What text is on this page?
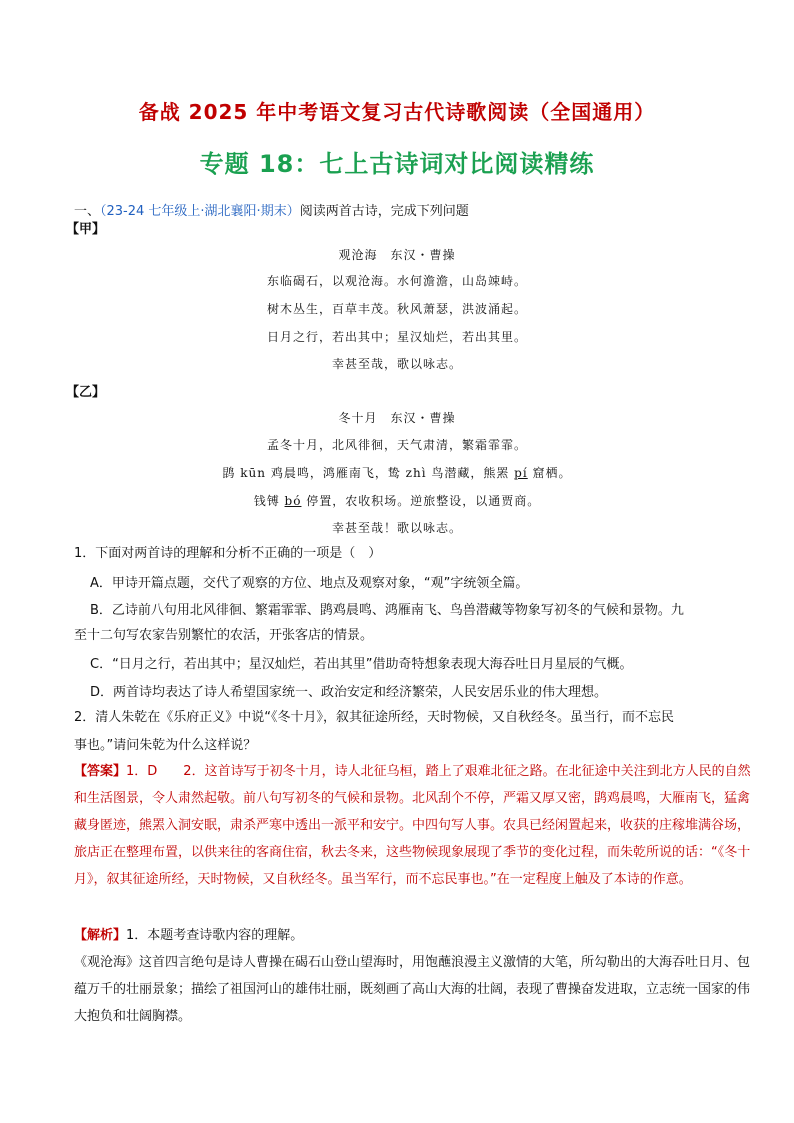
备战 2025 年中考语文复习古代诗歌阅读（全国通用）
专题 18：七上古诗词对比阅读精练
一、（23-24 七年级上·湖北襄阳·期末）阅读两首古诗，完成下列问题
【甲】
观沧海　东汉・曹操
东临碣石，以观沧海。水何澹澹，山岛竦峙。
树木丛生，百草丰茂。秋风萧瑟，洪波涌起。
日月之行，若出其中；星汉灿烂，若出其里。
幸甚至哉，歌以咏志。
【乙】
冬十月　东汉・曹操
孟冬十月，北风徘徊，天气肃清，繁霜霏霏。
鹍 kūn 鸡晨鸣，鸿雁南飞，鸷 zhì 鸟潜藏，熊罴 pí 窟栖。
钱镈 bó 停置，农收积场。逆旅整设，以通贾商。
幸甚至哉！歌以咏志。
1．下面对两首诗的理解和分析不正确的一项是（　）
A．甲诗开篇点题，交代了观察的方位、地点及观察对象，“观”字统领全篇。
B．乙诗前八句用北风徘徊、繁霜霏霏、鹍鸡晨鸣、鸿雁南飞、鸟兽潜藏等物象写初冬的气候和景物。九
至十二句写农家告别繁忙的农活，开张客店的情景。
C．“日月之行，若出其中；星汉灿烂，若出其里”借助奇特想象表现大海吞吐日月星辰的气概。
D．两首诗均表达了诗人希望国家统一、政治安定和经济繁荣，人民安居乐业的伟大理想。
2．清人朱乾在《乐府正义》中说“《冬十月》，叙其征途所经，天时物候，又自秋经冬。虽当行，而不忘民
事也。”请问朱乾为什么这样说？
【答案】1．D　　2．这首诗写于初冬十月，诗人北征乌桓，踏上了艰难北征之路。在北征途中关注到北方人民的自然和生活图景，令人肃然起敬。前八句写初冬的气候和景物。北风刮个不停，严霜又厚又密，鹍鸡晨鸣，大雁南飞，猛禽藏身匿迹，熊罴入洞安眠，肃杀严寒中透出一派平和安宁。中四句写人事。农具已经闲置起来，收获的庄稼堆满谷场，旅店正在整理布置，以供来往的客商住宿，秋去冬来，这些物候现象展现了季节的变化过程，而朱乾所说的话：“《冬十月》，叙其征途所经，天时物候，又自秋经冬。虽当军行，而不忘民事也。”在一定程度上触及了本诗的作意。
【解析】1．本题考查诗歌内容的理解。
《观沧海》这首四言绝句是诗人曹操在碣石山登山望海时，用饱蘸浪漫主义激情的大笔，所勾勒出的大海吞吐日月、包蕴万千的壮丽景象；描绘了祖国河山的雄伟壮丽，既刻画了高山大海的壮阔，表现了曹操奋发进取，立志统一国家的伟大抱负和壮阔胸襟。
